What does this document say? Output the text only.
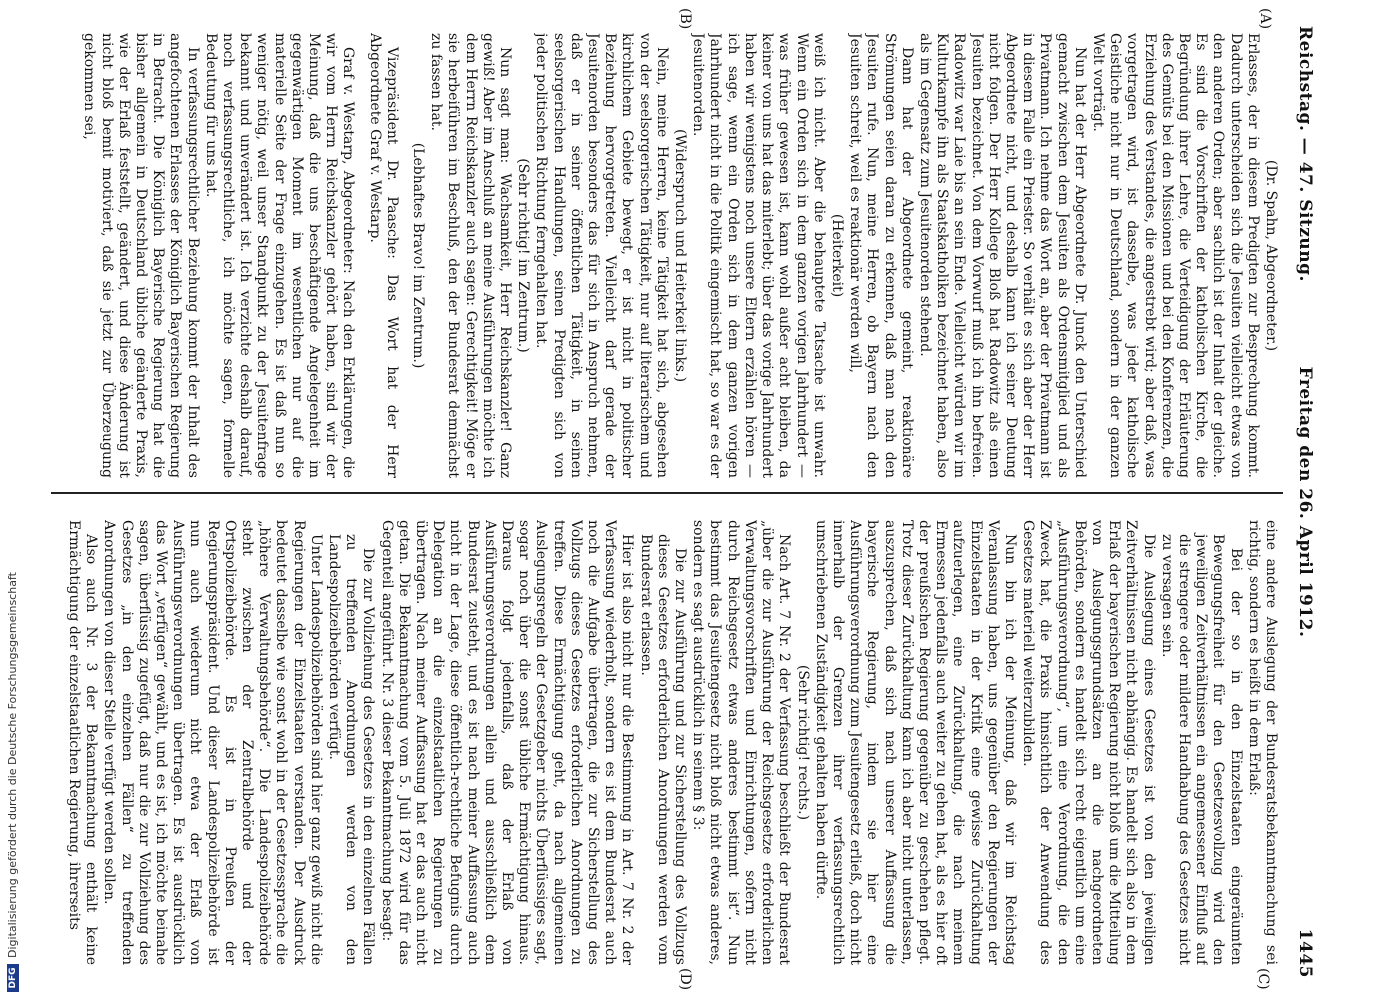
Reichstag. — 47. Sitzung.
Freitag den 26. April 1912.
1445
(A)
(B)
(C)
(D)

(Dr. Spahn, Abgeordneter.)

Erlasses, der in diesem Predigten zur Besprechung kommt. Dadurch unterscheiden sich die Jesuiten vielleicht etwas von den anderen Orden; aber sachlich ist der Inhalt der gleiche. Es sind die Vorschriften der katholischen Kirche, die Begründung ihrer Lehre, die Verteidigung der Erläuterung des Gemüts bei den Missionen und bei den Konferenzen, die Erziehung des Verstandes, die angestrebt wird; aber daß, was vorgetragen wird, ist dasselbe, was jeder katholische Geistliche nicht nur in Deutschland, sondern in der ganzen Welt vorträgt.

Nun hat der Herr Abgeordnete Dr. Junck den Unterschied gemacht zwischen dem Jesuiten als Ordensmitglied und als Privatmann. Ich nehme das Wort an, aber der Privatmann ist in diesem Falle ein Priester. So verhält es sich aber der Herr Abgeordnete nicht, und deshalb kann ich seiner Deutung nicht folgen. Der Herr Kollege Bloß hat Radowitz als einen Jesuiten bezeichnet. Von dem Vorwurf muß ich ihn befreien. Radowitz war Laie bis an sein Ende. Vielleicht würden wir im Kulturkampfe ihn als Staatskatholiken bezeichnet haben, also als im Gegensatz zum Jesuitenorden stehend.

Dann hat der Abgeordnete gemeint, reaktionäre Strömungen seien daran zu erkennen, daß man nach den Jesuiten rufe. Nun, meine Herren, ob Bayern nach den Jesuiten schreit, weil es reaktionär werden will,

(Heiterkeit)

weiß ich nicht. Aber die behauptete Tatsache ist unwahr. Wenn ein Orden sich in dem ganzen vorigen Jahrhundert — was früher gewesen ist, kann wohl außer acht bleiben, da keiner von uns hat das miterlebt; über das vorige Jahrhundert haben wir wenigstens noch unsere Eltern erzählen hören — ich sage, wenn ein Orden sich in dem ganzen vorigen Jahrhundert nicht in die Politik eingemischt hat, so war es der Jesuitenorden.

(Widerspruch und Heiterkeit links.)

Nein, meine Herren, keine Tätigkeit hat sich, abgesehen von der seelsorgerischen Tätigkeit, nur auf literarischem und kirchlichem Gebiete bewegt, er ist nicht in politischer Beziehung hervorgetreten. Vielleicht darf gerade der Jesuitenorden besonders das für sich in Anspruch nehmen, daß er in seiner öffentlichen Tätigkeit, in seinen seelsorgerischen Handlungen, seinen Predigten sich von jeder politischen Richtung ferngehalten hat.

(Sehr richtig! im Zentrum.)

Nun sagt man: Wachsamkeit, Herr Reichskanzler! Ganz gewiß! Aber im Anschluß an meine Ausführungen möchte ich dem Herrn Reichskanzler auch sagen: Gerechtigkeit! Möge er sie herbeiführen im Beschluß, den der Bundesrat demnächst zu fassen hat.

(Lebhaftes Bravo! im Zentrum.)

Vizepräsident Dr. Paasche: Das Wort hat der Herr Abgeordnete Graf v. Westarp.

Graf v. Westarp, Abgeordneter: Nach den Erklärungen, die wir vom Herrn Reichskanzler gehört haben, sind wir der Meinung, daß die uns beschäftigende Angelegenheit im gegenwärtigen Moment im wesentlichen nur auf die materielle Seite der Frage einzugehen. Es ist daß nun so weniger nötig, weil unser Standpunkt zu der Jesuitenfrage bekannt und unverändert ist. Ich verzichte deshalb darauf, noch verfassungsrechtliche, ich möchte sagen, formelle Bedeutung für uns hat.

In verfassungsrechtlicher Beziehung kommt der Inhalt des angefochtenen Erlasses der Königlich Bayerischen Regierung in Betracht. Die Königlich Bayerische Regierung hat die bisher allgemein in Deutschland übliche geänderte Praxis, wie der Erlaß feststellt, geändert, und diese Änderung ist nicht bloß bemit motiviert, daß sie jetzt zur Überzeugung gekommen sei,

eine andere Auslegung der Bundesratsbekanntmachung sei richtig, sondern es heißt in dem Erlaß:

Bei der so in den Einzelstaaten eingeräumten Bewegungsfreiheit für den Gesetzesvollzug wird den jeweiligen Zeitverhältnissen ein angemessener Einfluß auf die strengere oder mildere Handhabung des Gesetzes nicht zu versagen sein.

Die Auslegung eines Gesetzes ist von den jeweiligen Zeitverhältnissen nicht abhängig. Es handelt sich also in dem Erlaß der bayerischen Regierung nicht bloß um die Mitteilung von Auslegungsgrundsätzen an die nachgeordneten Behörden, sondern es handelt sich recht eigentlich um eine „Ausführungsverordnung“, um eine Verordnung, die den Zweck hat, die Praxis hinsichtlich der Anwendung des Gesetzes materiell weiterzubilden.

Nun bin ich der Meinung, daß wir im Reichstag Veranlassung haben, uns gegenüber den Regierungen der Einzelstaaten in der Kritik eine gewisse Zurückhaltung aufzuerlegen, eine Zurückhaltung, die nach meinem Ermessen jedenfalls auch weiter zu gehen hat, als es hier oft der preußischen Regierung gegenüber zu geschehen pflegt. Trotz dieser Zurückhaltung kann ich aber nicht unterlassen, auszusprechen, daß sich nach unserer Auffassung die bayerische Regierung, indem sie hier eine Ausführungsverordnung zum Jesuitengesetz erließ, doch nicht innerhalb der Grenzen ihrer verfassungsrechtlich umschriebenen Zuständigkeit gehalten haben dürfte.

(Sehr richtig! rechts.)

Nach Art. 7 Nr. 2 der Verfassung beschließt der Bundesrat „über die zur Ausführung der Reichsgesetze erforderlichen Verwaltungsvorschriften und Einrichtungen, sofern nicht durch Reichsgesetz etwas anderes bestimmt ist“. Nun bestimmt das Jesuitengesetz nicht bloß nicht etwas anderes, sondern es sagt ausdrücklich in seinem § 3:

Die zur Ausführung und zur Sicherstellung des Vollzugs dieses Gesetzes erforderlichen Anordnungen werden vom Bundesrat erlassen.

Hier ist also nicht nur die Bestimmung in Art. 7 Nr. 2 der Verfassung wiederholt, sondern es ist dem Bundesrat auch noch die Aufgabe übertragen, die zur Sicherstellung des Vollzugs dieses Gesetzes erforderlichen Anordnungen zu treffen. Diese Ermächtigung geht, da nach allgemeinen Auslegungsregeln der Gesetzgeber nichts Überflüssiges sagt, sogar noch über die sonst übliche Ermächtigung hinaus. Daraus folgt jedenfalls, daß der Erlaß von Ausführungsverordnungen allein und ausschließlich dem Bundesrat zusteht, und es ist nach meiner Auffassung auch nicht in der Lage, diese öffentlich-rechtliche Befugnis durch Delegation an die einzelstaatlichen Regierungen zu übertragen. Nach meiner Auffassung hat er das auch nicht getan. Die Bekanntmachung vom 5. Juli 1872 wird für das Gegenteil angeführt. Nr. 3 dieser Bekanntmachung besagt:

Die zur Vollziehung des Gesetzes in den einzelnen Fällen zu treffenden Anordnungen werden von den Landespolizeibehörden verfügt.

Unter Landespolizeibehörden sind hier ganz gewiß nicht die Regierungen der Einzelstaaten verstanden. Der Ausdruck bedeutet dasselbe wie sonst wohl in der Gesetzessprache die „höhere Verwaltungsbehörde“. Die Landespolizeibehörde steht zwischen der Zentralbehörde und der Ortspolizeibehörde. Es ist in Preußen der Regierungspräsident. Und dieser Landespolizeibehörde ist nun auch wiederum nicht etwa der Erlaß von Ausführungsverordnungen übertragen. Es ist ausdrücklich das Wort „verfügen“ gewählt, und es ist, ich möchte beinahe sagen, überflüssig zugefügt, daß nur die zur Vollziehung des Gesetzes „in den einzelnen Fällen“ zu treffenden Anordnungen von dieser Stelle verfügt werden sollen.

Also auch Nr. 3 der Bekanntmachung enthält keine Ermächtigung der einzelstaatlichen Regierung, ihrerseits

DFGDigitalisierung gefördert durch die Deutsche Forschungsgemeinschaft
